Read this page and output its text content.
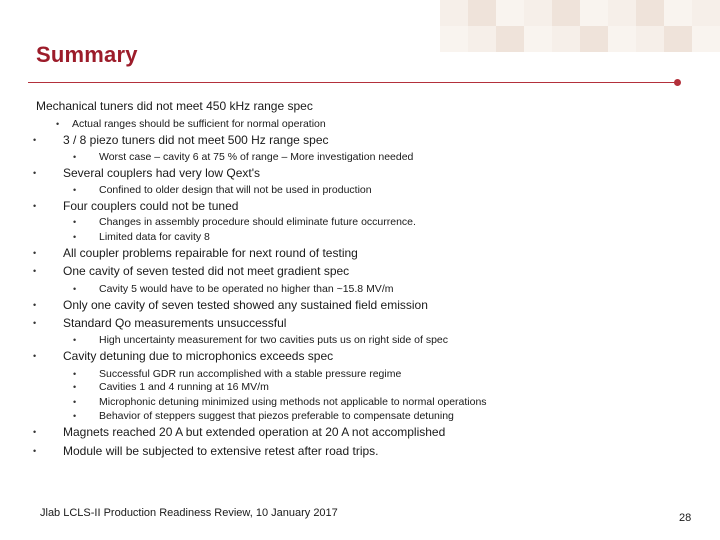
Summary
Mechanical tuners did not meet 450 kHz range spec
• Actual ranges should be sufficient for normal operation
3 / 8 piezo tuners did not meet 500 Hz range spec
•
Worst case – cavity 6 at 75 % of range – More investigation needed
•
Several couplers had very low Qext's
•
Confined to older design that will not be used in production
•
Four couplers could not be tuned
•
Changes in assembly procedure should eliminate future occurrence.
•
Limited data for cavity 8
•
All coupler problems repairable for next round of testing
•
One cavity of seven tested did not meet gradient spec
•
Cavity 5 would have to be operated no higher than ~15.8 MV/m
•
Only one cavity of seven tested showed any sustained field emission
•
Standard Qo measurements unsuccessful
•
High uncertainty measurement for two cavities puts us on right side of spec
•
Cavity detuning due to microphonics exceeds spec
•
Successful GDR run accomplished with a stable pressure regime
•
Cavities 1 and 4 running at 16 MV/m
•
Microphonic detuning minimized using methods not applicable to normal operations
•
Behavior of steppers suggest that piezos preferable to compensate detuning
•
Magnets reached 20 A but extended operation at 20 A not accomplished
•
Module will be subjected to extensive retest after road trips.
•
Jlab LCLS-II Production Readiness Review, 10 January 2017	28
